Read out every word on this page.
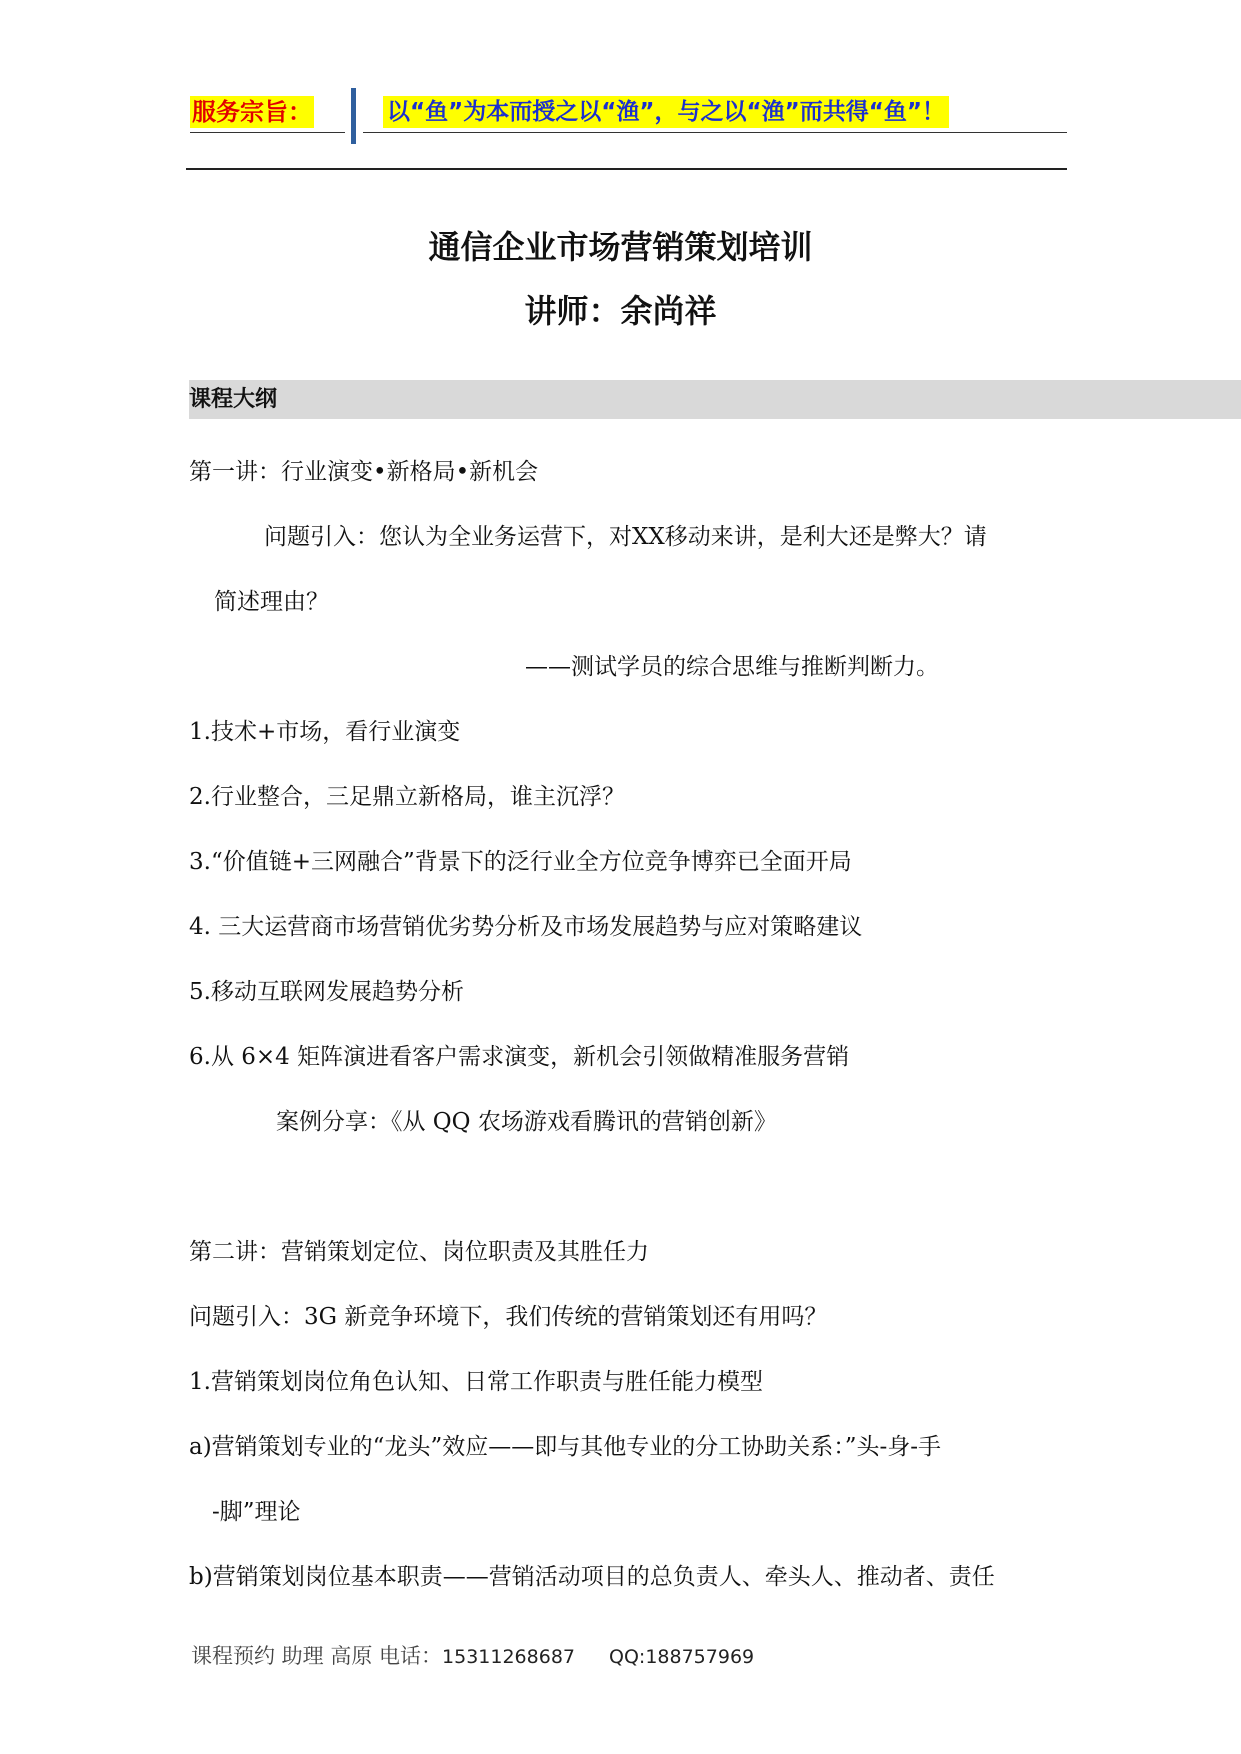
服务宗旨：	以“鱼”为本而授之以“渔”，与之以“渔”而共得“鱼”！
通信企业市场营销策划培训
讲师：余尚祥
课程大纲

第一讲：行业演变•新格局•新机会

问题引入：您认为全业务运营下，对XX移动来讲，是利大还是弊大？请

简述理由？

——测试学员的综合思维与推断判断力。

1.技术+市场，看行业演变

2.行业整合，三足鼎立新格局，谁主沉浮？

3.“价值链+三网融合”背景下的泛行业全方位竞争博弈已全面开局

4. 三大运营商市场营销优劣势分析及市场发展趋势与应对策略建议

5.移动互联网发展趋势分析

6.从 6×4 矩阵演进看客户需求演变，新机会引领做精准服务营销

案例分享：《从 QQ 农场游戏看腾讯的营销创新》

第二讲：营销策划定位、岗位职责及其胜任力

问题引入：3G 新竞争环境下，我们传统的营销策划还有用吗？

1.营销策划岗位角色认知、日常工作职责与胜任能力模型

a)营销策划专业的“龙头”效应——即与其他专业的分工协助关系：”头-身-手

-脚”理论

b)营销策划岗位基本职责——营销活动项目的总负责人、牵头人、推动者、责任

课程预约 助理 高原 电话：15311268687 QQ:188757969
